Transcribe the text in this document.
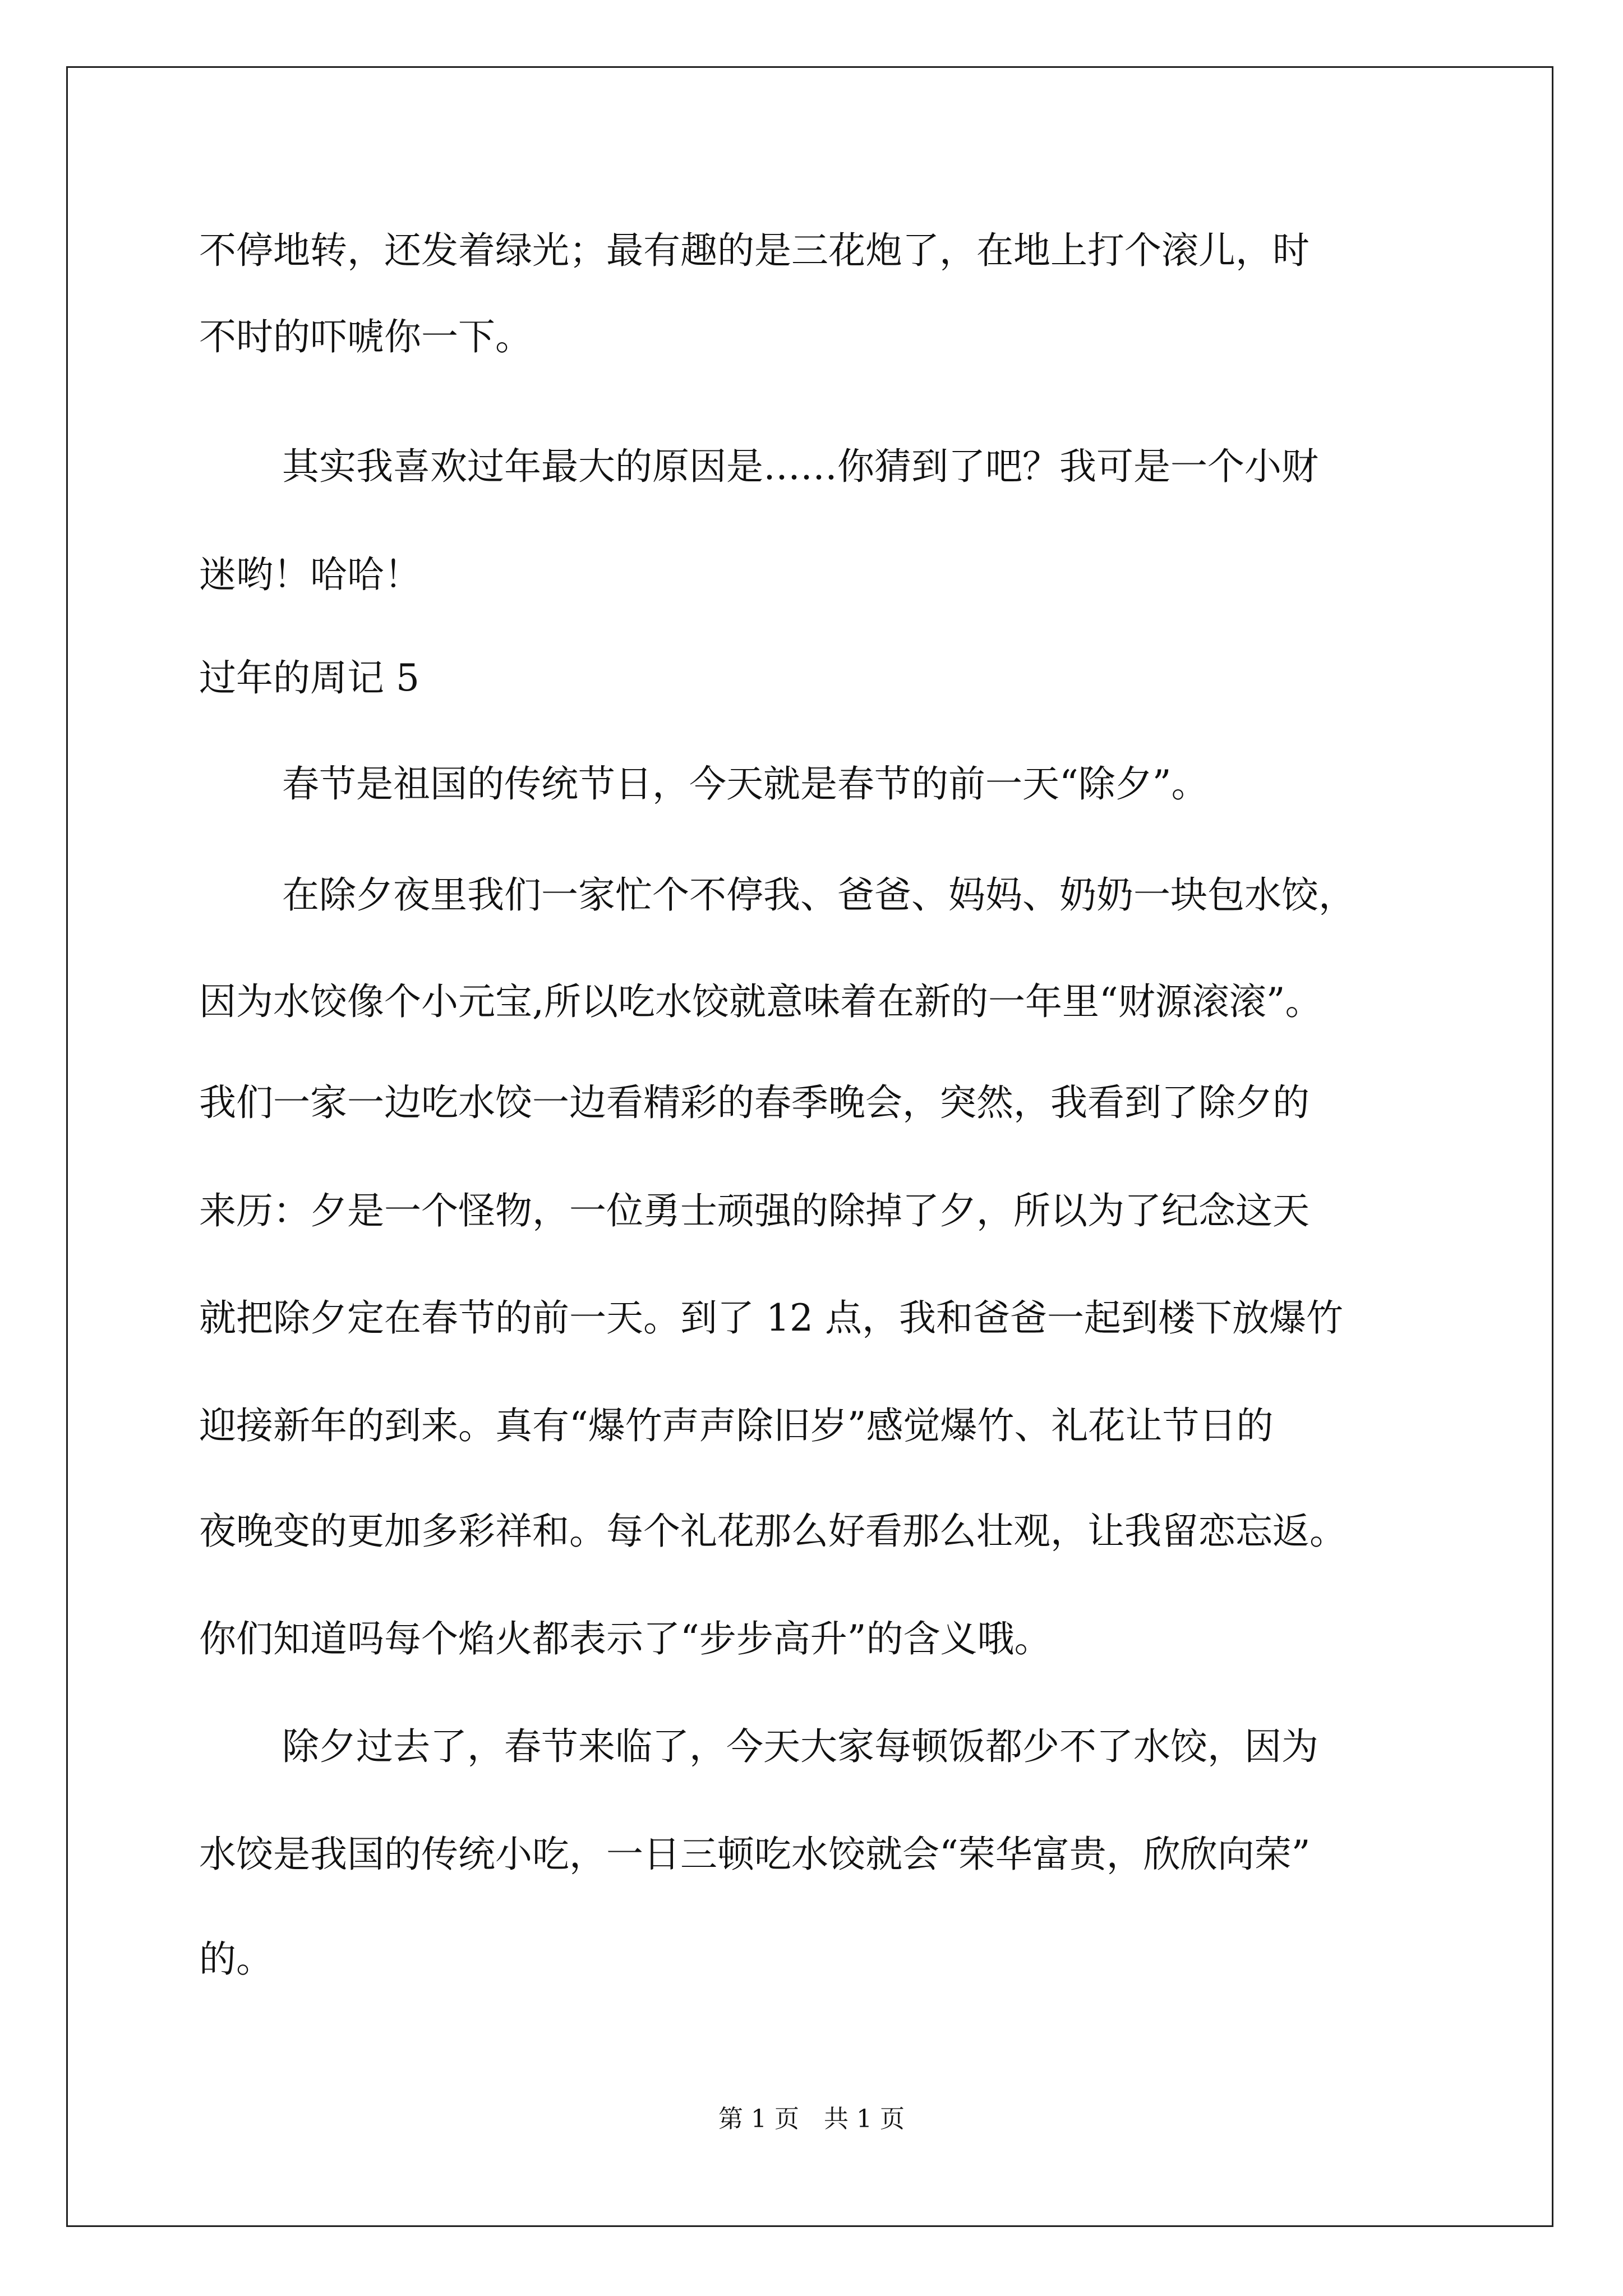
不停地转，还发着绿光；最有趣的是三花炮了，在地上打个滚儿，时
不时的吓唬你一下。
其实我喜欢过年最大的原因是……你猜到了吧？我可是一个小财
迷哟！哈哈！
过年的周记 5
春节是祖国的传统节日，今天就是春节的前一天“除夕”。
在除夕夜里我们一家忙个不停我、爸爸、妈妈、奶奶一块包水饺，
因为水饺像个小元宝,所以吃水饺就意味着在新的一年里“财源滚滚”。
我们一家一边吃水饺一边看精彩的春季晚会，突然，我看到了除夕的
来历：夕是一个怪物，一位勇士顽强的除掉了夕，所以为了纪念这天
就把除夕定在春节的前一天。到了 12 点，我和爸爸一起到楼下放爆竹
迎接新年的到来。真有“爆竹声声除旧岁”感觉爆竹、礼花让节日的
夜晚变的更加多彩祥和。每个礼花那么好看那么壮观，让我留恋忘返。
你们知道吗每个焰火都表示了“步步高升”的含义哦。
除夕过去了，春节来临了，今天大家每顿饭都少不了水饺，因为
水饺是我国的传统小吃，一日三顿吃水饺就会“荣华富贵，欣欣向荣”
的。
第 1 页　共 1 页
